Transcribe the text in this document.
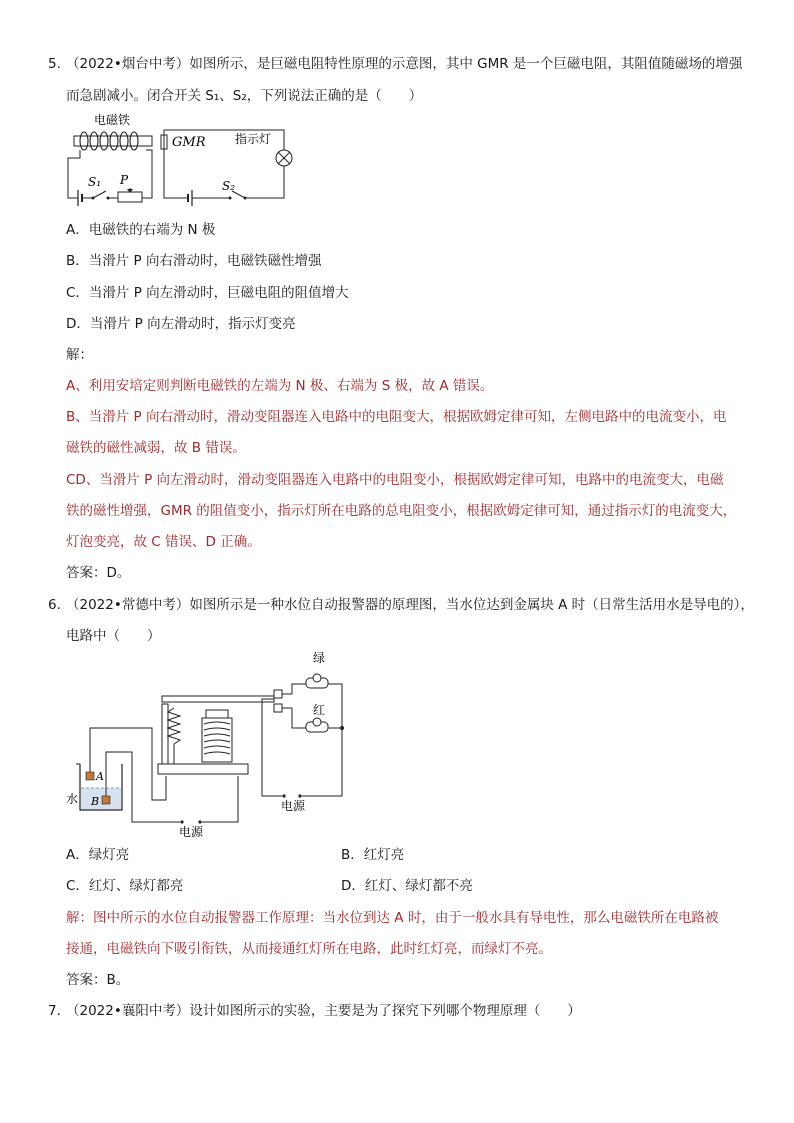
5. （2022•烟台中考）如图所示，是巨磁电阻特性原理的示意图，其中 GMR 是一个巨磁电阻，其阻值随磁场的增强
而急剧减小。闭合开关 S₁、S₂，下列说法正确的是（　　）
电磁铁
S₁ P
GMR 指示灯
S₂
A．电磁铁的右端为 N 极
B．当滑片 P 向右滑动时，电磁铁磁性增强
C．当滑片 P 向左滑动时，巨磁电阻的阻值增大
D．当滑片 P 向左滑动时，指示灯变亮
解：
A、利用安培定则判断电磁铁的左端为 N 极、右端为 S 极，故 A 错误。
B、当滑片 P 向右滑动时，滑动变阻器连入电路中的电阻变大，根据欧姆定律可知，左侧电路中的电流变小，电
磁铁的磁性减弱，故 B 错误。
CD、当滑片 P 向左滑动时，滑动变阻器连入电路中的电阻变小，根据欧姆定律可知，电路中的电流变大，电磁
铁的磁性增强，GMR 的阻值变小，指示灯所在电路的总电阻变小，根据欧姆定律可知，通过指示灯的电流变大，
灯泡变亮，故 C 错误、D 正确。
答案：D。
6. （2022•常德中考）如图所示是一种水位自动报警器的原理图，当水位达到金属块 A 时（日常生活用水是导电的），
电路中（　　）
水
A
B
电源
绿
红
电源
A．绿灯亮	B．红灯亮
C．红灯、绿灯都亮	D．红灯、绿灯都不亮
解：图中所示的水位自动报警器工作原理：当水位到达 A 时，由于一般水具有导电性，那么电磁铁所在电路被
接通，电磁铁向下吸引衔铁，从而接通红灯所在电路，此时红灯亮，而绿灯不亮。
答案：B。
7. （2022•襄阳中考）设计如图所示的实验，主要是为了探究下列哪个物理原理（　　）
